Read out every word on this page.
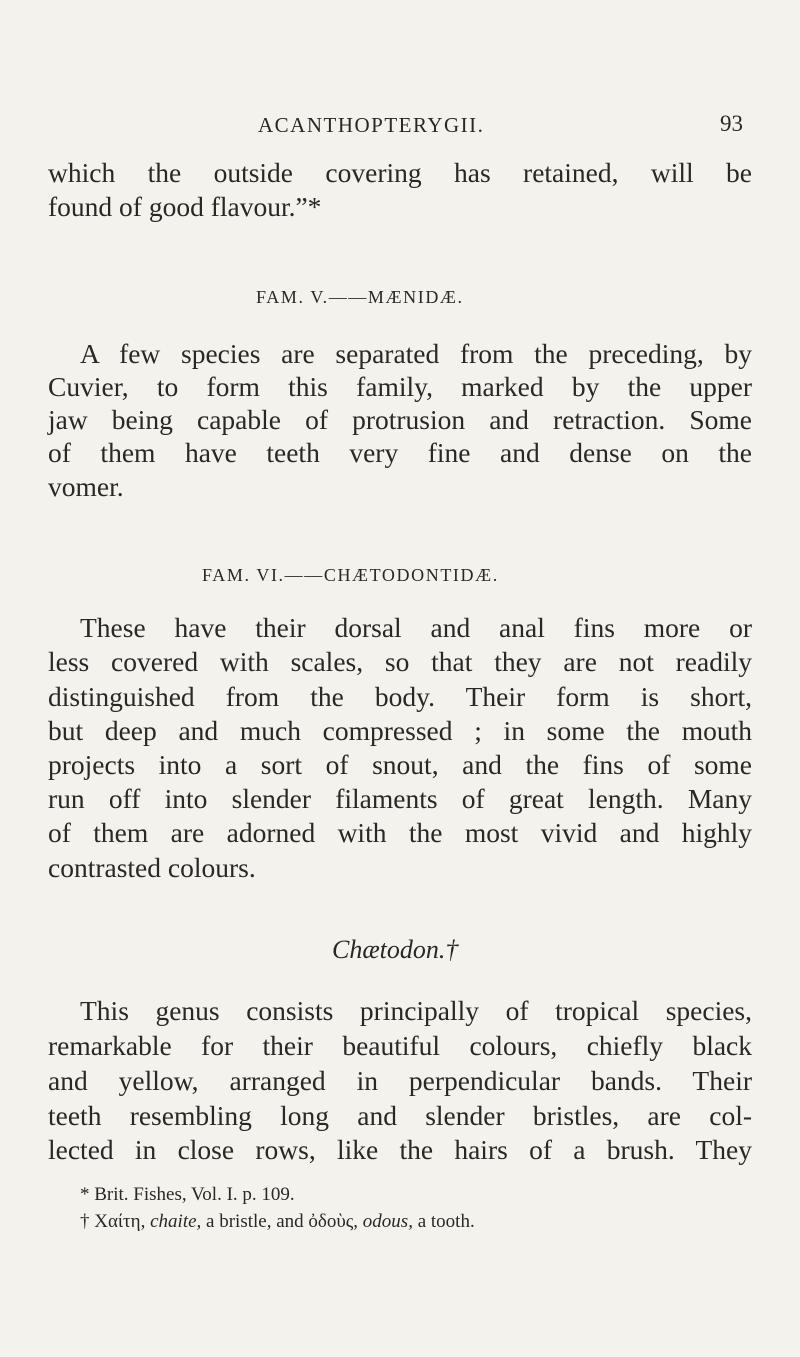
ACANTHOPTERYGII.	93
which the outside covering has retained, will be
found of good flavour.”*
FAM. V.——MÆNIDÆ.
A few species are separated from the preceding, by
Cuvier, to form this family, marked by the upper
jaw being capable of protrusion and retraction. Some
of them have teeth very fine and dense on the
vomer.
FAM. VI.——CHÆTODONTIDÆ.
These have their dorsal and anal fins more or
less covered with scales, so that they are not readily
distinguished from the body. Their form is short,
but deep and much compressed ; in some the mouth
projects into a sort of snout, and the fins of some
run off into slender filaments of great length. Many
of them are adorned with the most vivid and highly
contrasted colours.
Chætodon.†
This genus consists principally of tropical species,
remarkable for their beautiful colours, chiefly black
and yellow, arranged in perpendicular bands. Their
teeth resembling long and slender bristles, are col-
lected in close rows, like the hairs of a brush. They
* Brit. Fishes, Vol. I. p. 109.
† Χαίτη, chaite, a bristle, and ὀδοὺς, odous, a tooth.
